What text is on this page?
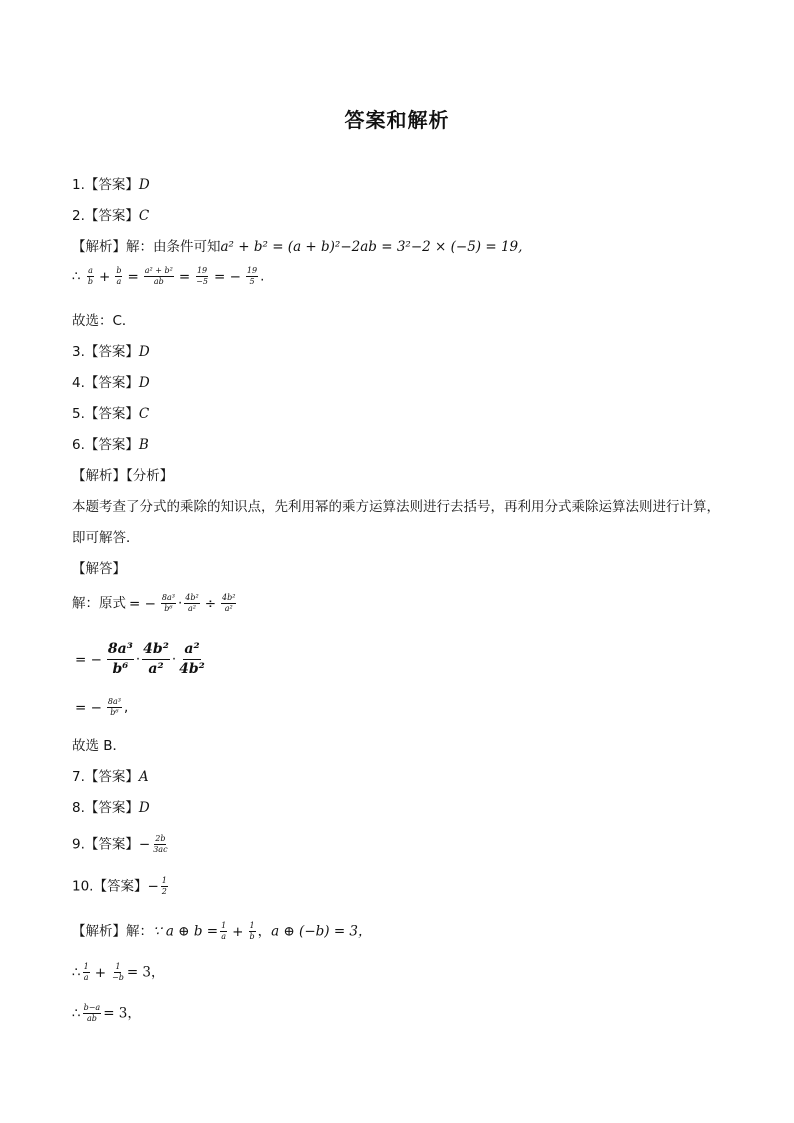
答案和解析
1.【答案】D
2.【答案】C
【解析】解：由条件可知a² + b² = (a + b)²−2ab = 3²−2 × (−5) = 19,
∴ $\frac{a}{b} + \frac{b}{a} = \frac{\text{a² + b²}}{ab} = \frac{19}{-5}$ = − $\frac{19}{5}$ .
故选：C．
3.【答案】D
4.【答案】D
5.【答案】C
6.【答案】B
【解析】【分析】
本题考查了分式的乘除的知识点，先利用幂的乘方运算法则进行去括号，再利用分式乘除运算法则进行计算，即可解答．
【解答】
解：原式 = − $\frac{\text{8a³}}{\text{b⁶}} \cdot \frac{\text{4b²}}{\text{a²}} \div \frac{\text{4b²}}{\text{a²}}$
= − $\frac{\text{8a³}}{\text{b⁶}} \cdot \frac{\text{4b²}}{\text{a²}} \cdot \frac{\text{a²}}{\text{4b²}}$
= − $\frac{\text{8a³}}{\text{b⁶}}$ ,
故选 B．
7.【答案】A
8.【答案】D
9.【答案】− $\frac{2b}{3ac}$
10.【答案】− $\frac{1}{2}$
【解析】解：∵ a ⊕ $b = \frac{1}{a} + \frac{1}{b}$ ，a ⊕ (−b) = 3，
∴ $\frac{1}{a} + \frac{1}{-b} = 3$，
∴ $\frac{b-a}{ab} = 3$，
